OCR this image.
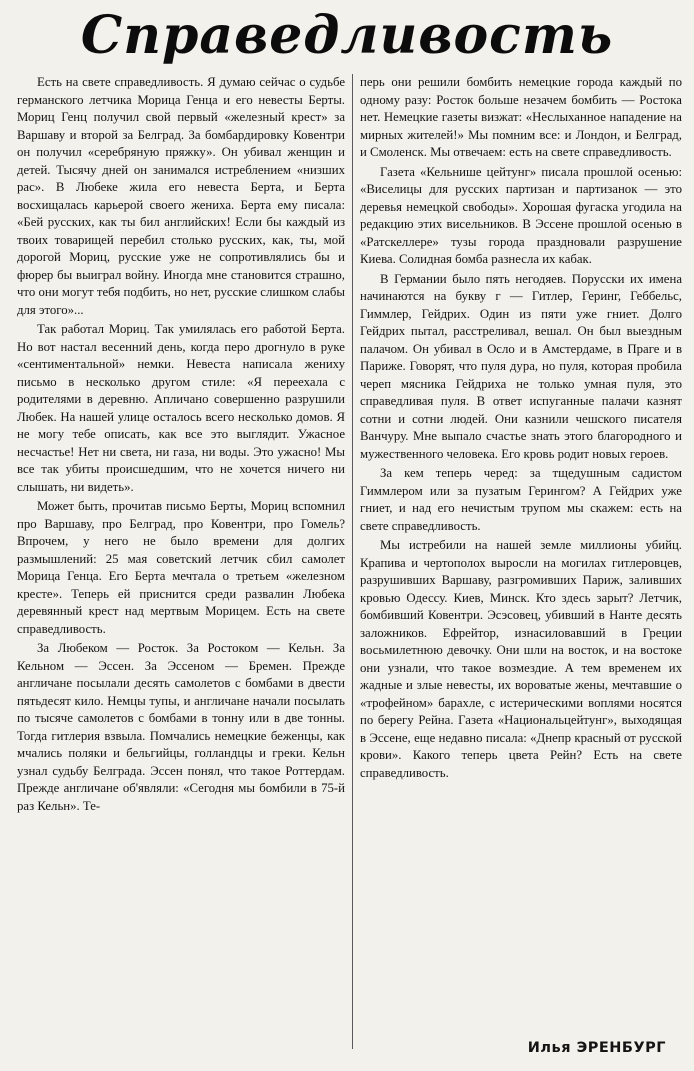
Справедливость

Есть на свете справедливость. Я думаю сейчас о судьбе германского летчика Морица Генца и его невесты Берты. Мориц Генц получил свой первый «железный крест» за Варшаву и второй за Белград. За бомбардировку Ковентри он получил «серебряную пряжку». Он убивал женщин и детей. Тысячу дней он занимался истреблением «низших рас». В Любеке жила его невеста Берта, и Берта восхищалась карьерой своего жениха. Берта ему писала: «Бей русских, как ты бил английских! Если бы каждый из твоих товарищей перебил столько русских, как, ты, мой дорогой Мориц, русские уже не сопротивлялись бы и фюрер бы выиграл войну. Иногда мне становится страшно, что они могут тебя подбить, но нет, русские слишком слабы для этого»...

Так работал Мориц. Так умилялась его работой Берта. Но вот настал весенний день, когда перо дрогнуло в руке «сентиментальной» немки. Невеста написала жениху письмо в несколько другом стиле: «Я переехала с родителями в деревню. Апличано совершенно разрушили Любек. На нашей улице осталось всего несколько домов. Я не могу тебе описать, как все это выглядит. Ужасное несчастье! Нет ни света, ни газа, ни воды. Это ужасно! Мы все так убиты происшедшим, что не хочется ничего ни слышать, ни видеть».

Может быть, прочитав письмо Берты, Мориц вспомнил про Варшаву, про Белград, про Ковентри, про Гомель? Впрочем, у него не было времени для долгих размышлений: 25 мая советский летчик сбил самолет Морица Генца. Его Берта мечтала о третьем «железном кресте». Теперь ей приснится среди развалин Любека деревянный крест над мертвым Морицем. Есть на свете справедливость.

За Любеком — Росток. За Ростоком — Кельн. За Кельном — Эссен. За Эссеном — Бремен. Прежде англичане посылали десять самолетов с бомбами в двести пятьдесят кило. Немцы тупы, и англичане начали посылать по тысяче самолетов с бомбами в тонну или в две тонны. Тогда гитлерия взвыла. Помчались немецкие беженцы, как мчались поляки и бельгийцы, голландцы и греки. Кельн узнал судьбу Белграда. Эссен понял, что такое Роттердам. Прежде англичане об'являли: «Сегодня мы бомбили в 75-й раз Кельн». Те-

перь они решили бомбить немецкие города каждый по одному разу: Росток больше незачем бомбить — Ростока нет. Немецкие газеты визжат: «Неслыханное нападение на мирных жителей!» Мы помним все: и Лондон, и Белград, и Смоленск. Мы отвечаем: есть на свете справедливость.

Газета «Кельнише цейтунг» писала прошлой осенью: «Виселицы для русских партизан и партизанок — это деревья немецкой свободы». Хорошая фугаска угодила на редакцию этих висельников. В Эссене прошлой осенью в «Ратскеллере» тузы города праздновали разрушение Киева. Солидная бомба разнесла их кабак.

В Германии было пять негодяев. Порусски их имена начинаются на букву г — Гитлер, Геринг, Геббельс, Гиммлер, Гейдрих. Один из пяти уже гниет. Долго Гейдрих пытал, расстреливал, вешал. Он был выездным палачом. Он убивал в Осло и в Амстердаме, в Праге и в Париже. Говорят, что пуля дура, но пуля, которая пробила череп мясника Гейдриха не только умная пуля, это справедливая пуля. В ответ испуганные палачи казнят сотни и сотни людей. Они казнили чешского писателя Ванчуру. Мне выпало счастье знать этого благородного и мужественного человека. Его кровь родит новых героев.

За кем теперь черед: за тщедушным садистом Гиммлером или за пузатым Герингом? А Гейдрих уже гниет, и над его нечистым трупом мы скажем: есть на свете справедливость.

Мы истребили на нашей земле миллионы убийц. Крапива и чертополох выросли на могилах гитлеровцев, разрушивших Варшаву, разгромивших Париж, заливших кровью Одессу. Киев, Минск. Кто здесь зарыт? Летчик, бомбивший Ковентри. Эсэсовец, убивший в Нанте десять заложников. Ефрейтор, изнасиловавший в Греции восьмилетнюю девочку. Они шли на восток, и на востоке они узнали, что такое возмездие. А тем временем их жадные и злые невесты, их вороватые жены, мечтавшие о «трофейном» барахле, с истерическими воплями носятся по берегу Рейна. Газета «Национальцейтунг», выходящая в Эссене, еще недавно писала: «Днепр красный от русской крови». Какого теперь цвета Рейн? Есть на свете справедливость.

Илья ЭРЕНБУРГ
